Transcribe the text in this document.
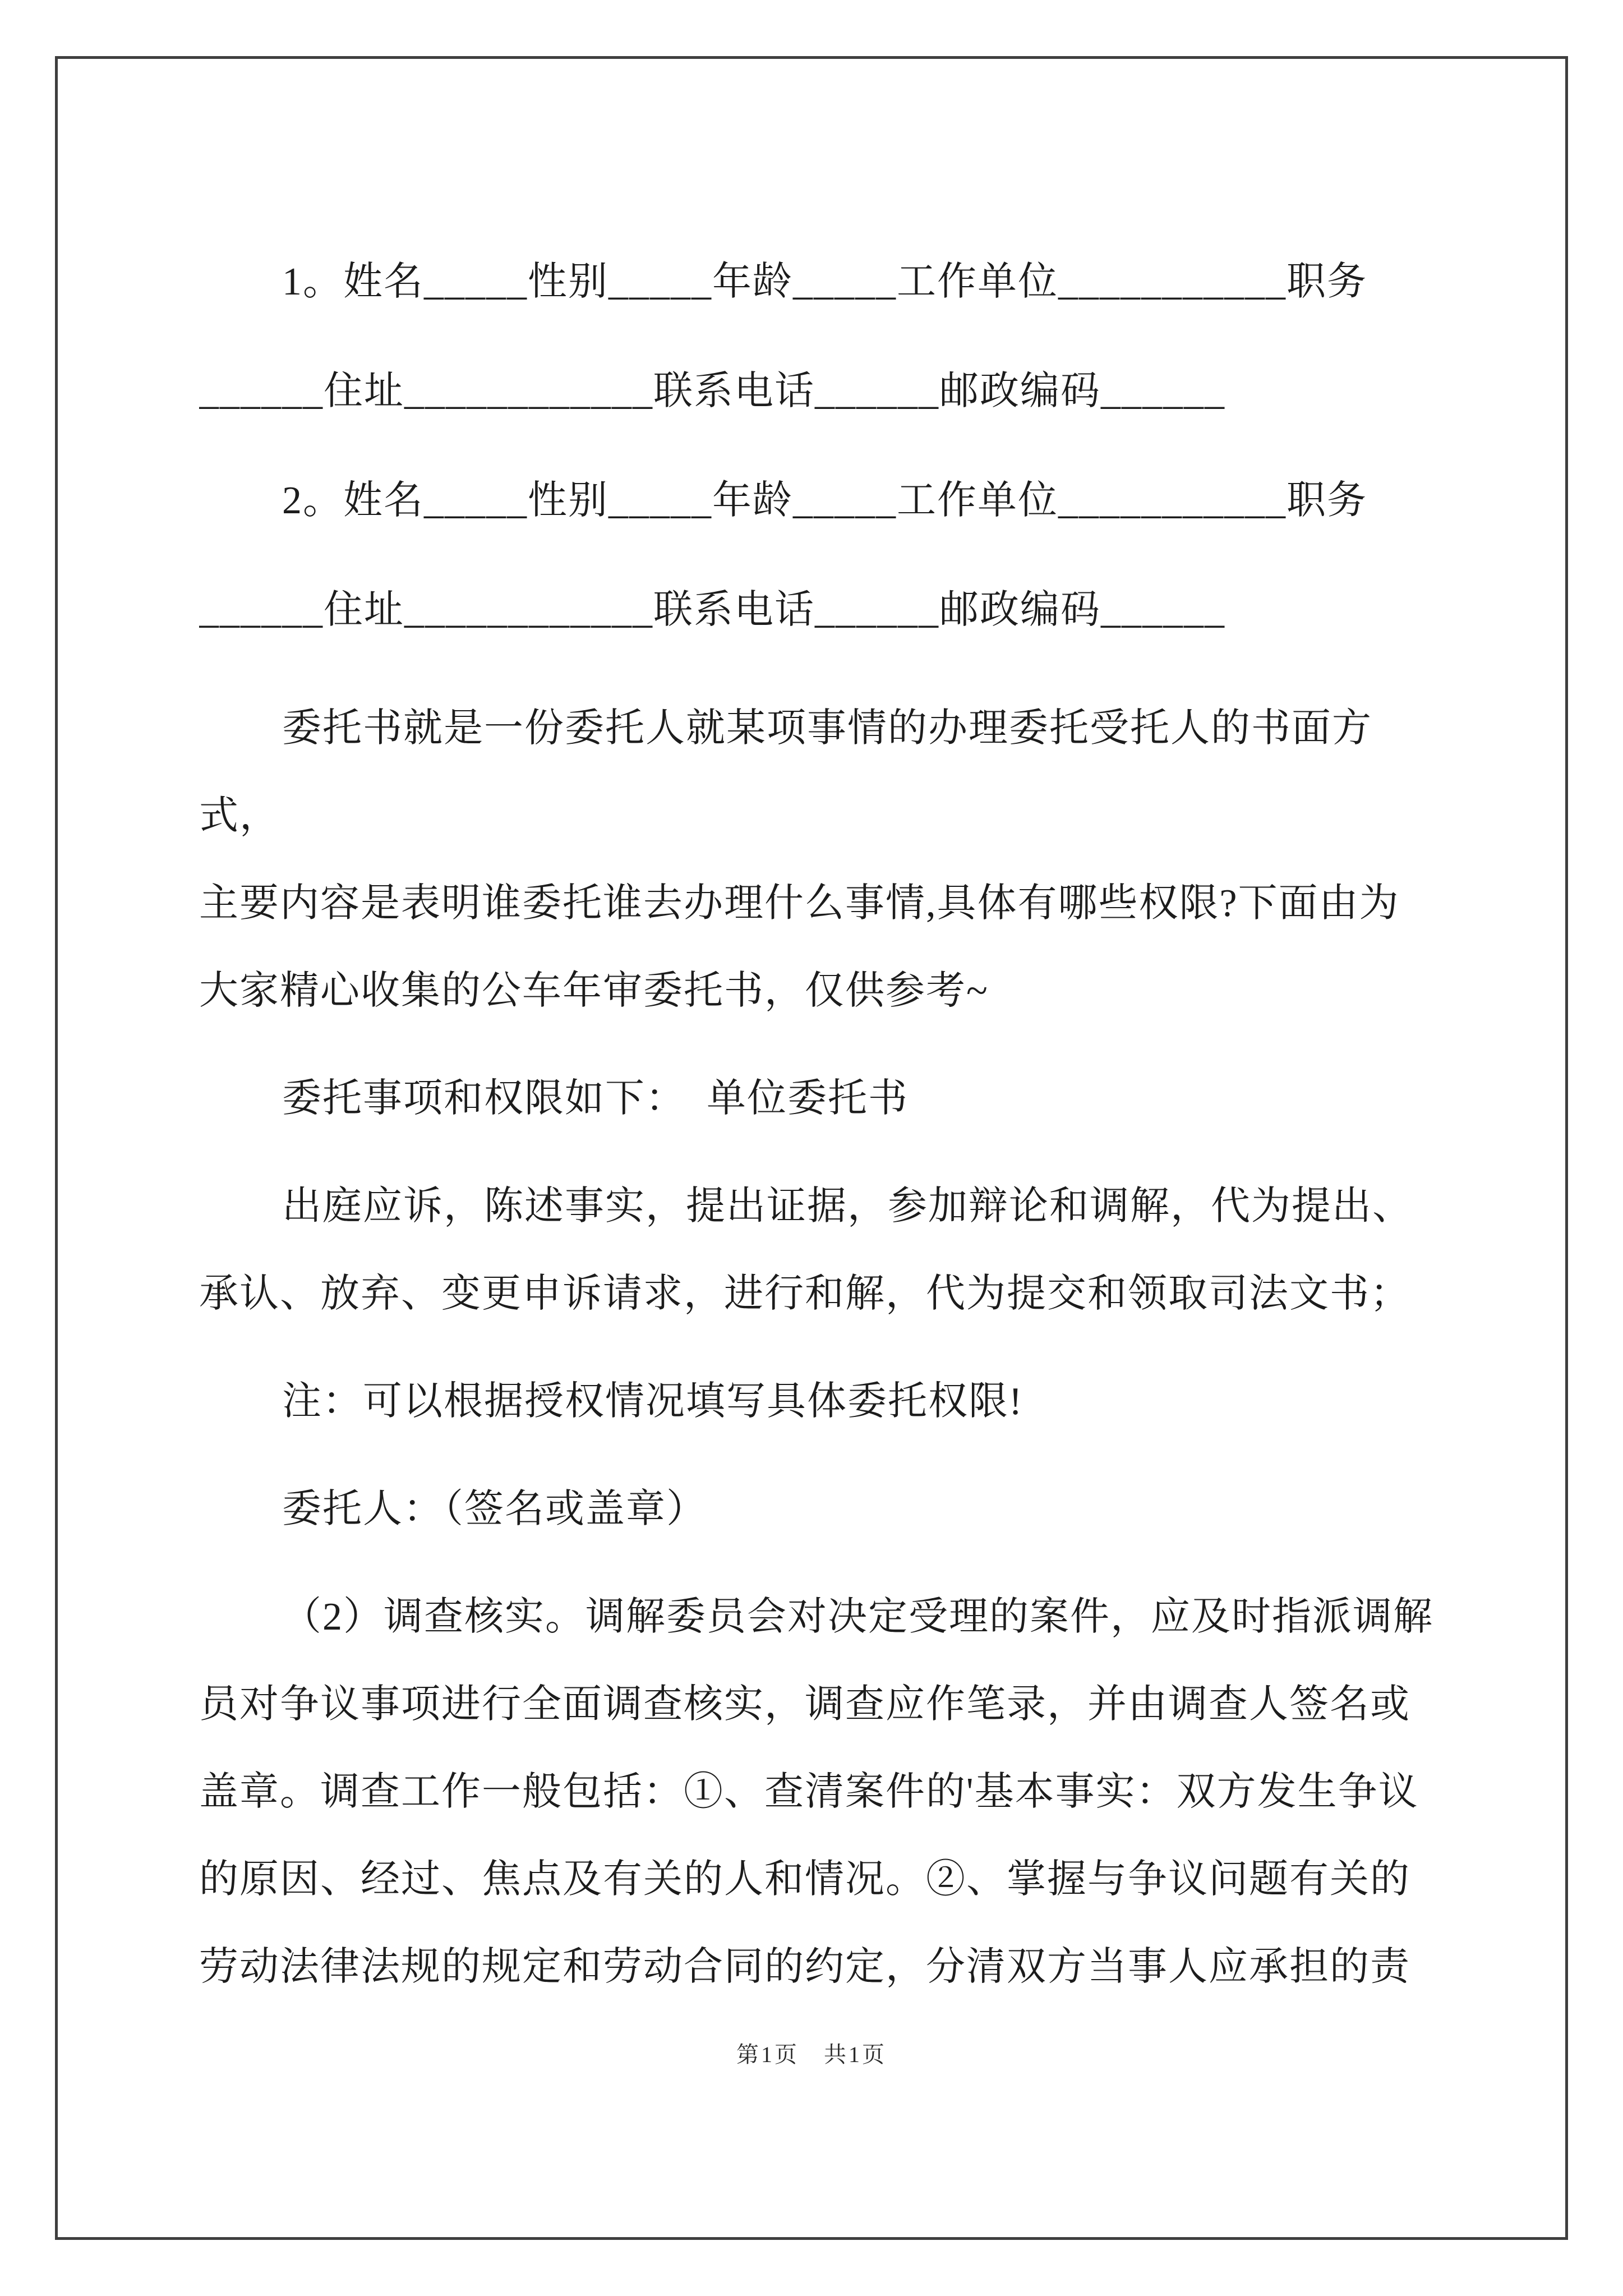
1。姓名_____性别_____年龄_____工作单位___________职务

______住址____________联系电话______邮政编码______

2。姓名_____性别_____年龄_____工作单位___________职务

______住址____________联系电话______邮政编码______

委托书就是一份委托人就某项事情的办理委托受托人的书面方式，

主要内容是表明谁委托谁去办理什么事情,具体有哪些权限?下面由为

大家精心收集的公车年审委托书，仅供参考~

委托事项和权限如下：　单位委托书

出庭应诉，陈述事实，提出证据，参加辩论和调解，代为提出、

承认、放弃、变更申诉请求，进行和解，代为提交和领取司法文书；

注：可以根据授权情况填写具体委托权限!

委托人：（签名或盖章）

（2）调查核实。调解委员会对决定受理的案件，应及时指派调解

员对争议事项进行全面调查核实，调查应作笔录，并由调查人签名或

盖章。调查工作一般包括：①、查清案件的'基本事实：双方发生争议

的原因、经过、焦点及有关的人和情况。②、掌握与争议问题有关的

劳动法律法规的规定和劳动合同的约定，分清双方当事人应承担的责

第1页　共1页
